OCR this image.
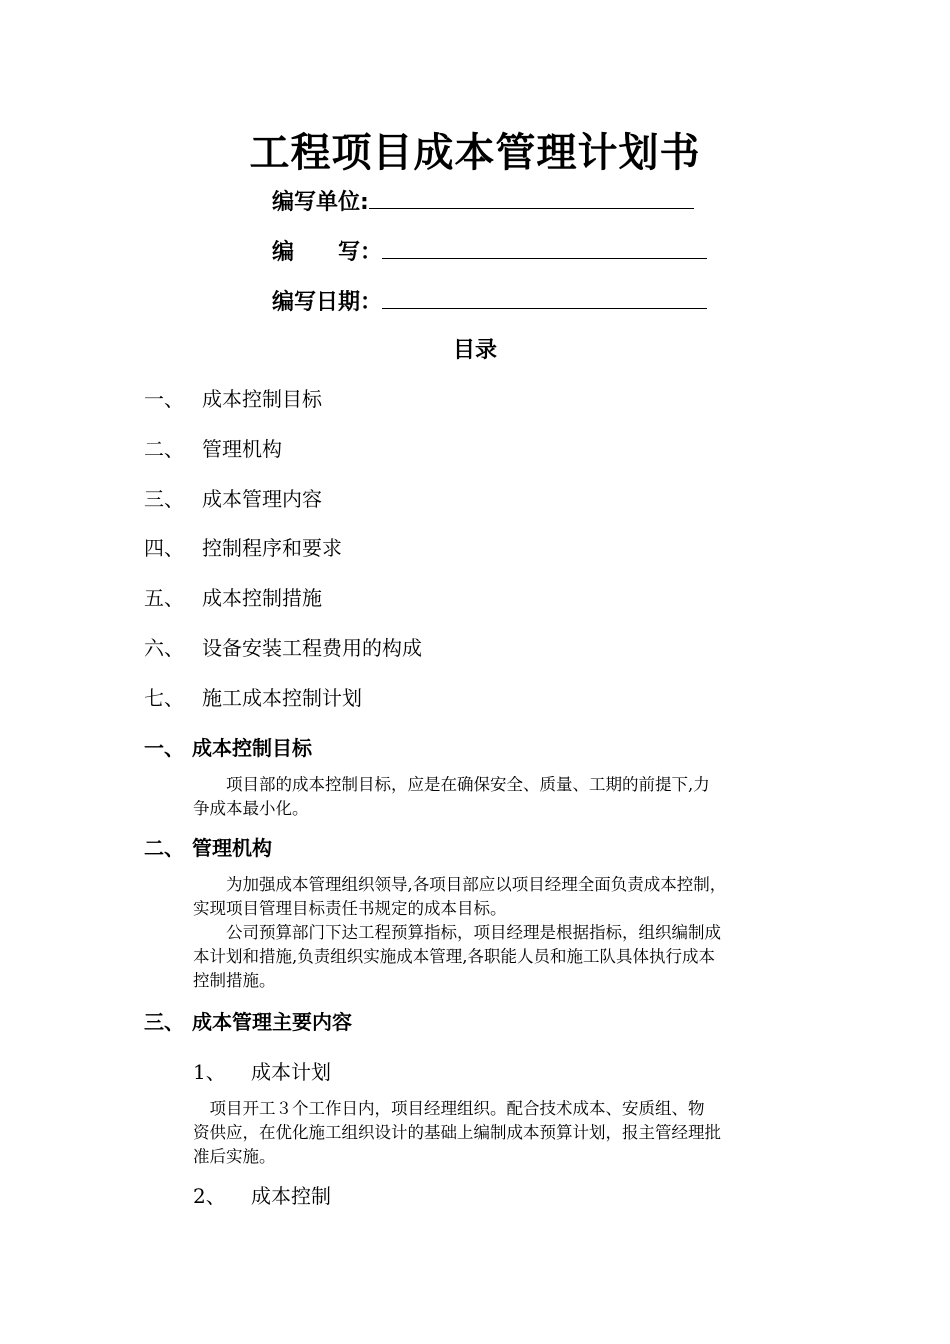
工程项目成本管理计划书
编写单位:
编　　写：
编写日期：
目录
一、 成本控制目标
二、 管理机构
三、 成本管理内容
四、 控制程序和要求
五、 成本控制措施
六、 设备安装工程费用的构成
七、 施工成本控制计划
一、 成本控制目标
　　项目部的成本控制目标，应是在确保安全、质量、工期的前提下,力
争成本最小化。
二、 管理机构
　　为加强成本管理组织领导,各项目部应以项目经理全面负责成本控制，
实现项目管理目标责任书规定的成本目标。
　　公司预算部门下达工程预算指标，项目经理是根据指标，组织编制成
本计划和措施,负责组织实施成本管理,各职能人员和施工队具体执行成本
控制措施。
三、 成本管理主要内容
1、 成本计划
　项目开工３个工作日内，项目经理组织。配合技术成本、安质组、物
资供应，在优化施工组织设计的基础上编制成本预算计划，报主管经理批
准后实施。
2、 成本控制
